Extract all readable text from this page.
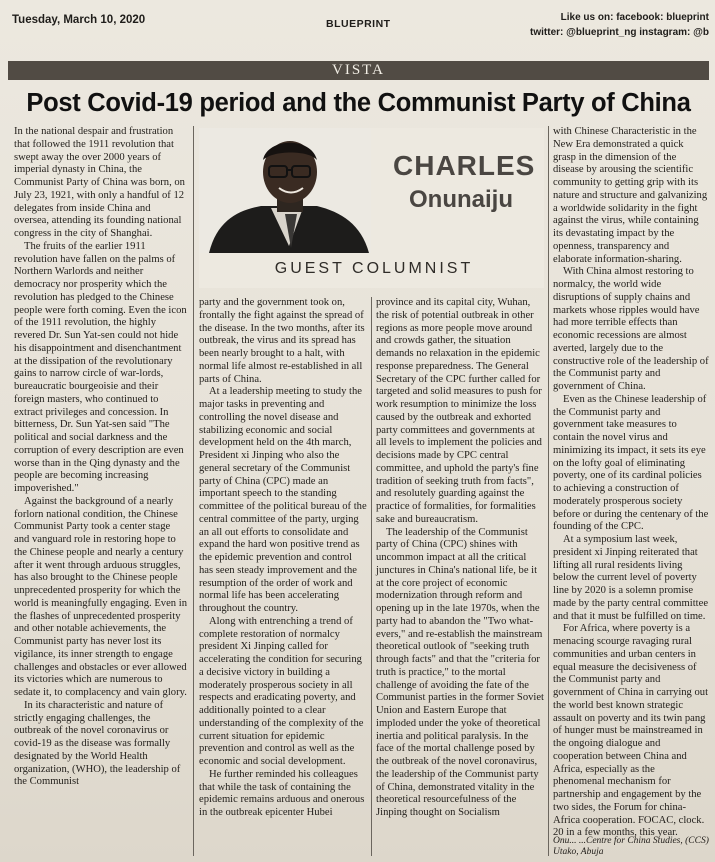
Tuesday, March 10, 2020	BLUEPRINT
Like us on: facebook: blueprint
twitter: @blueprint_ng instagram: @b
VISTA
Post Covid-19 period and the Communist Party of China

In the national despair and frustration that followed the 1911 revolution that swept away the over 2000 years of imperial dynasty in China, the Communist Party of China was born, on July 23, 1921, with only a handful of 12 delegates from inside China and oversea, attending its founding national congress in the city of Shanghai.

The fruits of the earlier 1911 revolution have fallen on the palms of Northern Warlords and neither democracy nor prosperity which the revolution has pledged to the Chinese people were forth coming. Even the icon of the 1911 revolution, the highly revered Dr. Sun Yat-sen could not hide his disappointment and disenchantment at the dissipation of the revolutionary gains to narrow circle of war-lords, bureaucratic bourgeoisie and their foreign masters, who continued to extract privileges and concession. In bitterness, Dr. Sun Yat-sen said "The political and social darkness and the corruption of every description are even worse than in the Qing dynasty and the people are becoming increasing impoverished."

Against the background of a nearly forlorn national condition, the Chinese Communist Party took a center stage and vanguard role in restoring hope to the Chinese people and nearly a century after it went through arduous struggles, has also brought to the Chinese people unprecedented prosperity for which the world is meaningfully engaging. Even in the flashes of unprecedented prosperity and other notable achievements, the Communist party has never lost its vigilance, its inner strength to engage challenges and obstacles or ever allowed its victories which are numerous to sedate it, to complacency and vain glory.

In its characteristic and nature of strictly engaging challenges, the outbreak of the novel coronavirus or covid-19 as the disease was formally designated by the World Health organization, (WHO), the leadership of the Communist

CHARLES
Onunaiju
GUEST COLUMNIST

party and the government took on, frontally the fight against the spread of the disease. In the two months, after its outbreak, the virus and its spread has been nearly brought to a halt, with normal life almost re-established in all parts of China.

At a leadership meeting to study the major tasks in preventing and controlling the novel disease and stabilizing economic and social development held on the 4th march, President xi Jinping who also the general secretary of the Communist party of China (CPC) made an important speech to the standing committee of the political bureau of the central committee of the party, urging an all out efforts to consolidate and expand the hard won positive trend as the epidemic prevention and control has seen steady improvement and the resumption of the order of work and normal life has been accelerating throughout the country.

Along with entrenching a trend of complete restoration of normalcy president Xi Jinping called for accelerating the condition for securing a decisive victory in building a moderately prosperous society in all respects and eradicating poverty, and additionally pointed to a clear understanding of the complexity of the current situation for epidemic prevention and control as well as the economic and social development.

He further reminded his colleagues that while the task of containing the epidemic remains arduous and onerous in the outbreak epicenter Hubei

province and its capital city, Wuhan, the risk of potential outbreak in other regions as more people move around and crowds gather, the situation demands no relaxation in the epidemic response preparedness. The General Secretary of the CPC further called for targeted and solid measures to push for work resumption to minimize the loss caused by the outbreak and exhorted party committees and governments at all levels to implement the policies and decisions made by CPC central committee, and uphold the party's fine tradition of seeking truth from facts", and resolutely guarding against the practice of formalities, for formalities sake and bureaucratism.

The leadership of the Communist party of China (CPC) shines with uncommon impact at all the critical junctures in China's national life, be it at the core project of economic modernization through reform and opening up in the late 1970s, when the party had to abandon the "Two what-evers," and re-establish the mainstream theoretical outlook of "seeking truth through facts" and that the "criteria for truth is practice," to the mortal challenge of avoiding the fate of the Communist parties in the former Soviet Union and Eastern Europe that imploded under the yoke of theoretical inertia and political paralysis. In the face of the mortal challenge posed by the outbreak of the novel coronavirus, the leadership of the Communist party of China, demonstrated vitality in the theoretical resourcefulness of the Jinping thought on Socialism

with Chinese Characteristic in the New Era demonstrated a quick grasp in the dimension of the disease by arousing the scientific community to getting grip with its nature and structure and galvanizing a worldwide solidarity in the fight against the virus, while containing its devastating impact by the openness, transparency and elaborate information-sharing.

With China almost restoring to normalcy, the world wide disruptions of supply chains and markets whose ripples would have had more terrible effects than economic recessions are almost averted, largely due to the constructive role of the leadership of the Communist party and government of China.

Even as the Chinese leadership of the Communist party and government take measures to contain the novel virus and minimizing its impact, it sets its eye on the lofty goal of eliminating poverty, one of its cardinal policies to achieving a construction of moderately prosperous society before or during the centenary of the founding of the CPC.

At a symposium last week, president xi Jinping reiterated that lifting all rural residents living below the current level of poverty line by 2020 is a solemn promise made by the party central committee and that it must be fulfilled on time.

For Africa, where poverty is a menacing scourge ravaging rural communities and urban centers in equal measure the decisiveness of the Communist party and government of China in carrying out the world best known strategic assault on poverty and its twin pang of hunger must be mainstreamed in the ongoing dialogue and cooperation between China and Africa, especially as the phenomenal mechanism for partnership and engagement by the two sides, the Forum for china-Africa cooperation. FOCAC, clock. 20 in a few months, this year.

Onu... ...Centre for China Studies, (CCS) Utako, Abuja
